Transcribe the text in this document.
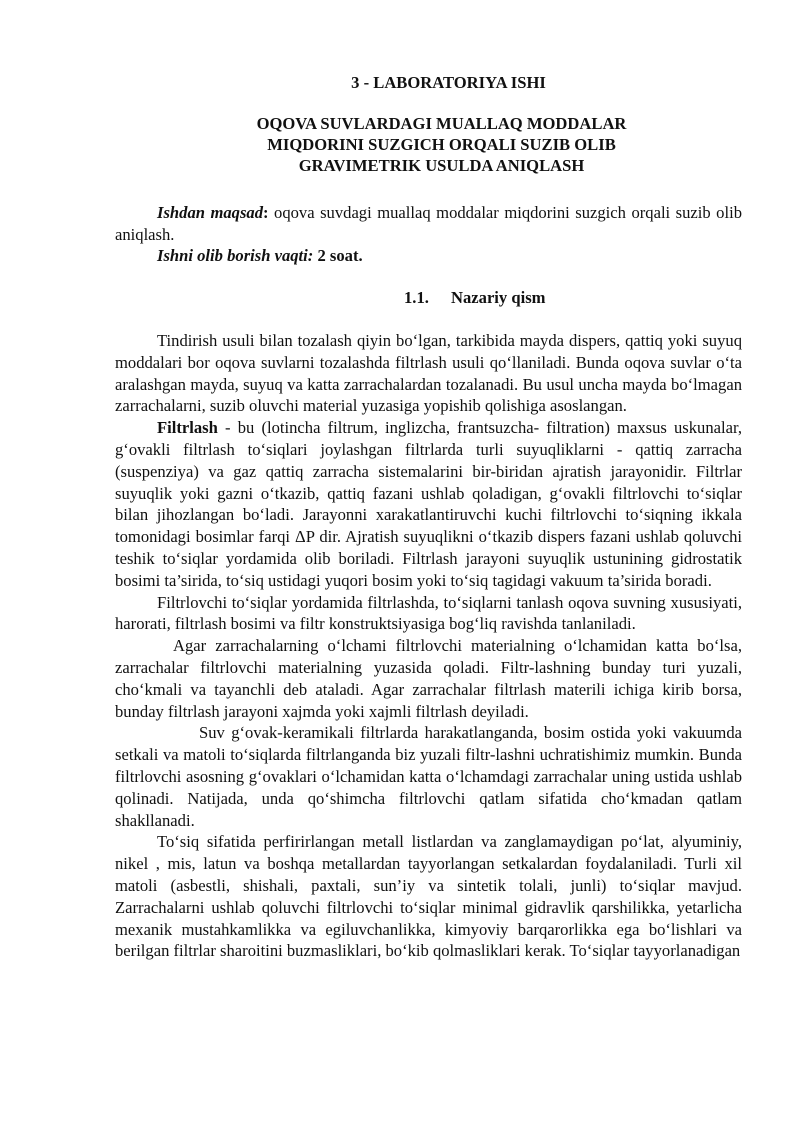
3 - LABORATORIYA ISHI
OQOVA SUVLARDAGI MUALLAQ MODDALAR
MIQDORINI SUZGICH ORQALI SUZIB OLIB
GRAVIMETRIK USULDA ANIQLASH

Ishdan maqsad: oqova suvdagi muallaq moddalar miqdorini suzgich orqali suzib olib aniqlash.

Ishni olib borish vaqti: 2 soat.

1.1. Nazariy qism

Tindirish usuli bilan tozalash qiyin bo‘lgan, tarkibida mayda dispers, qattiq yoki suyuq moddalari bor oqova suvlarni tozalashda filtrlash usuli qo‘llaniladi. Bunda oqova suvlar o‘ta aralashgan mayda, suyuq va katta zarrachalardan tozalanadi. Bu usul uncha mayda bo‘lmagan zarrachalarni, suzib oluvchi material yuzasiga yopishib qolishiga asoslangan.

Filtrlash - bu (lotincha filtrum, inglizcha, frantsuzcha- filtration) maxsus uskunalar, g‘ovakli filtrlash to‘siqlari joylashgan filtrlarda turli suyuqliklarni - qattiq zarracha (suspenziya) va gaz qattiq zarracha sistemalarini bir-biridan ajratish jarayonidir. Filtrlar suyuqlik yoki gazni o‘tkazib, qattiq fazani ushlab qoladigan, g‘ovakli filtrlovchi to‘siqlar bilan jihozlangan bo‘ladi. Jarayonni xarakatlantiruvchi kuchi filtrlovchi to‘siqning ikkala tomonidagi bosimlar farqi ΔP dir. Ajratish suyuqlikni o‘tkazib dispers fazani ushlab qoluvchi teshik to‘siqlar yordamida olib boriladi. Filtrlash jarayoni suyuqlik ustunining gidrostatik bosimi ta’sirida, to‘siq ustidagi yuqori bosim yoki to‘siq tagidagi vakuum ta’sirida boradi.

Filtrlovchi to‘siqlar yordamida filtrlashda, to‘siqlarni tanlash oqova suvning xususiyati, harorati, filtrlash bosimi va filtr konstruktsiyasiga bog‘liq ravishda tanlaniladi.

Agar zarrachalarning o‘lchami filtrlovchi materialning o‘lchamidan katta bo‘lsa, zarrachalar filtrlovchi materialning yuzasida qoladi. Filtr-lashning bunday turi yuzali, cho‘kmali va tayanchli deb ataladi. Agar zarrachalar filtrlash materili ichiga kirib borsa, bunday filtrlash jarayoni xajmda yoki xajmli filtrlash deyiladi.

Suv g‘ovak-keramikali filtrlarda harakatlanganda, bosim ostida yoki vakuumda setkali va matoli to‘siqlarda filtrlanganda biz yuzali filtr-lashni uchratishimiz mumkin. Bunda filtrlovchi asosning g‘ovaklari o‘lchamidan katta o‘lchamdagi zarrachalar uning ustida ushlab qolinadi. Natijada, unda qo‘shimcha filtrlovchi qatlam sifatida cho‘kmadan qatlam shakllanadi.

To‘siq sifatida perfirirlangan metall listlardan va zanglamaydigan po‘lat, alyuminiy, nikel , mis, latun va boshqa metallardan tayyorlangan setkalardan foydalaniladi. Turli xil matoli (asbestli, shishali, paxtali, sun’iy va sintetik tolali, junli) to‘siqlar mavjud. Zarrachalarni ushlab qoluvchi filtrlovchi to‘siqlar minimal gidravlik qarshilikka, yetarlicha mexanik mustahkamlikka va egiluvchanlikka, kimyoviy barqarorlikka ega bo‘lishlari va berilgan filtrlar sharoitini buzmasliklari, bo‘kib qolmasliklari kerak. To‘siqlar tayyorlanadigan
